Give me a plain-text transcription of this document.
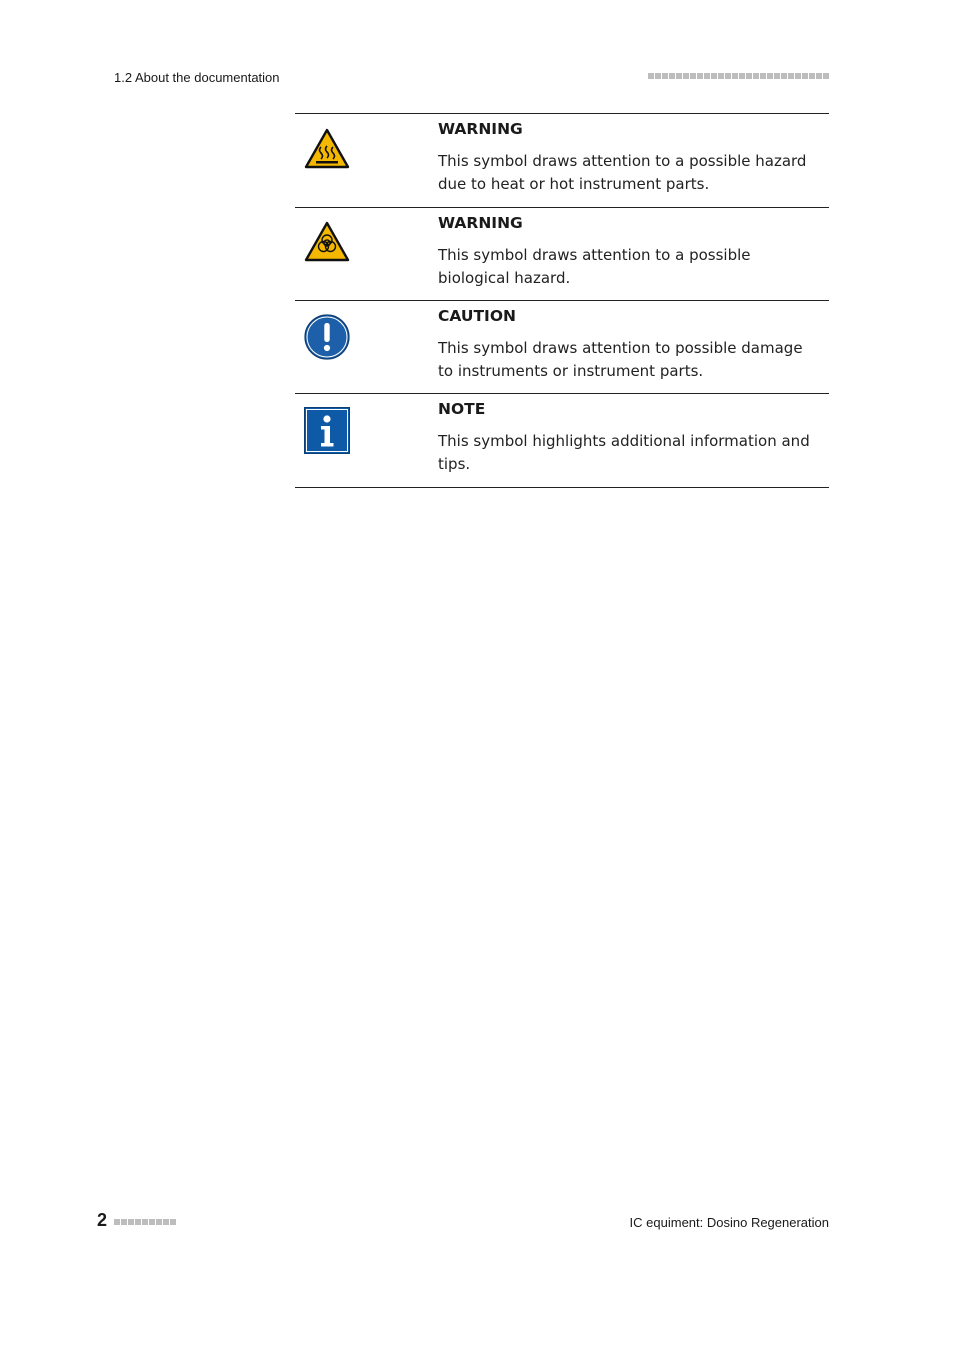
1.2 About the documentation
WARNING
This symbol draws attention to a possible hazard due to heat or hot instrument parts.
WARNING
This symbol draws attention to a possible biological hazard.
CAUTION
This symbol draws attention to possible damage to instruments or instrument parts.
NOTE
This symbol highlights additional information and tips.
2	IC equiment: Dosino Regeneration
